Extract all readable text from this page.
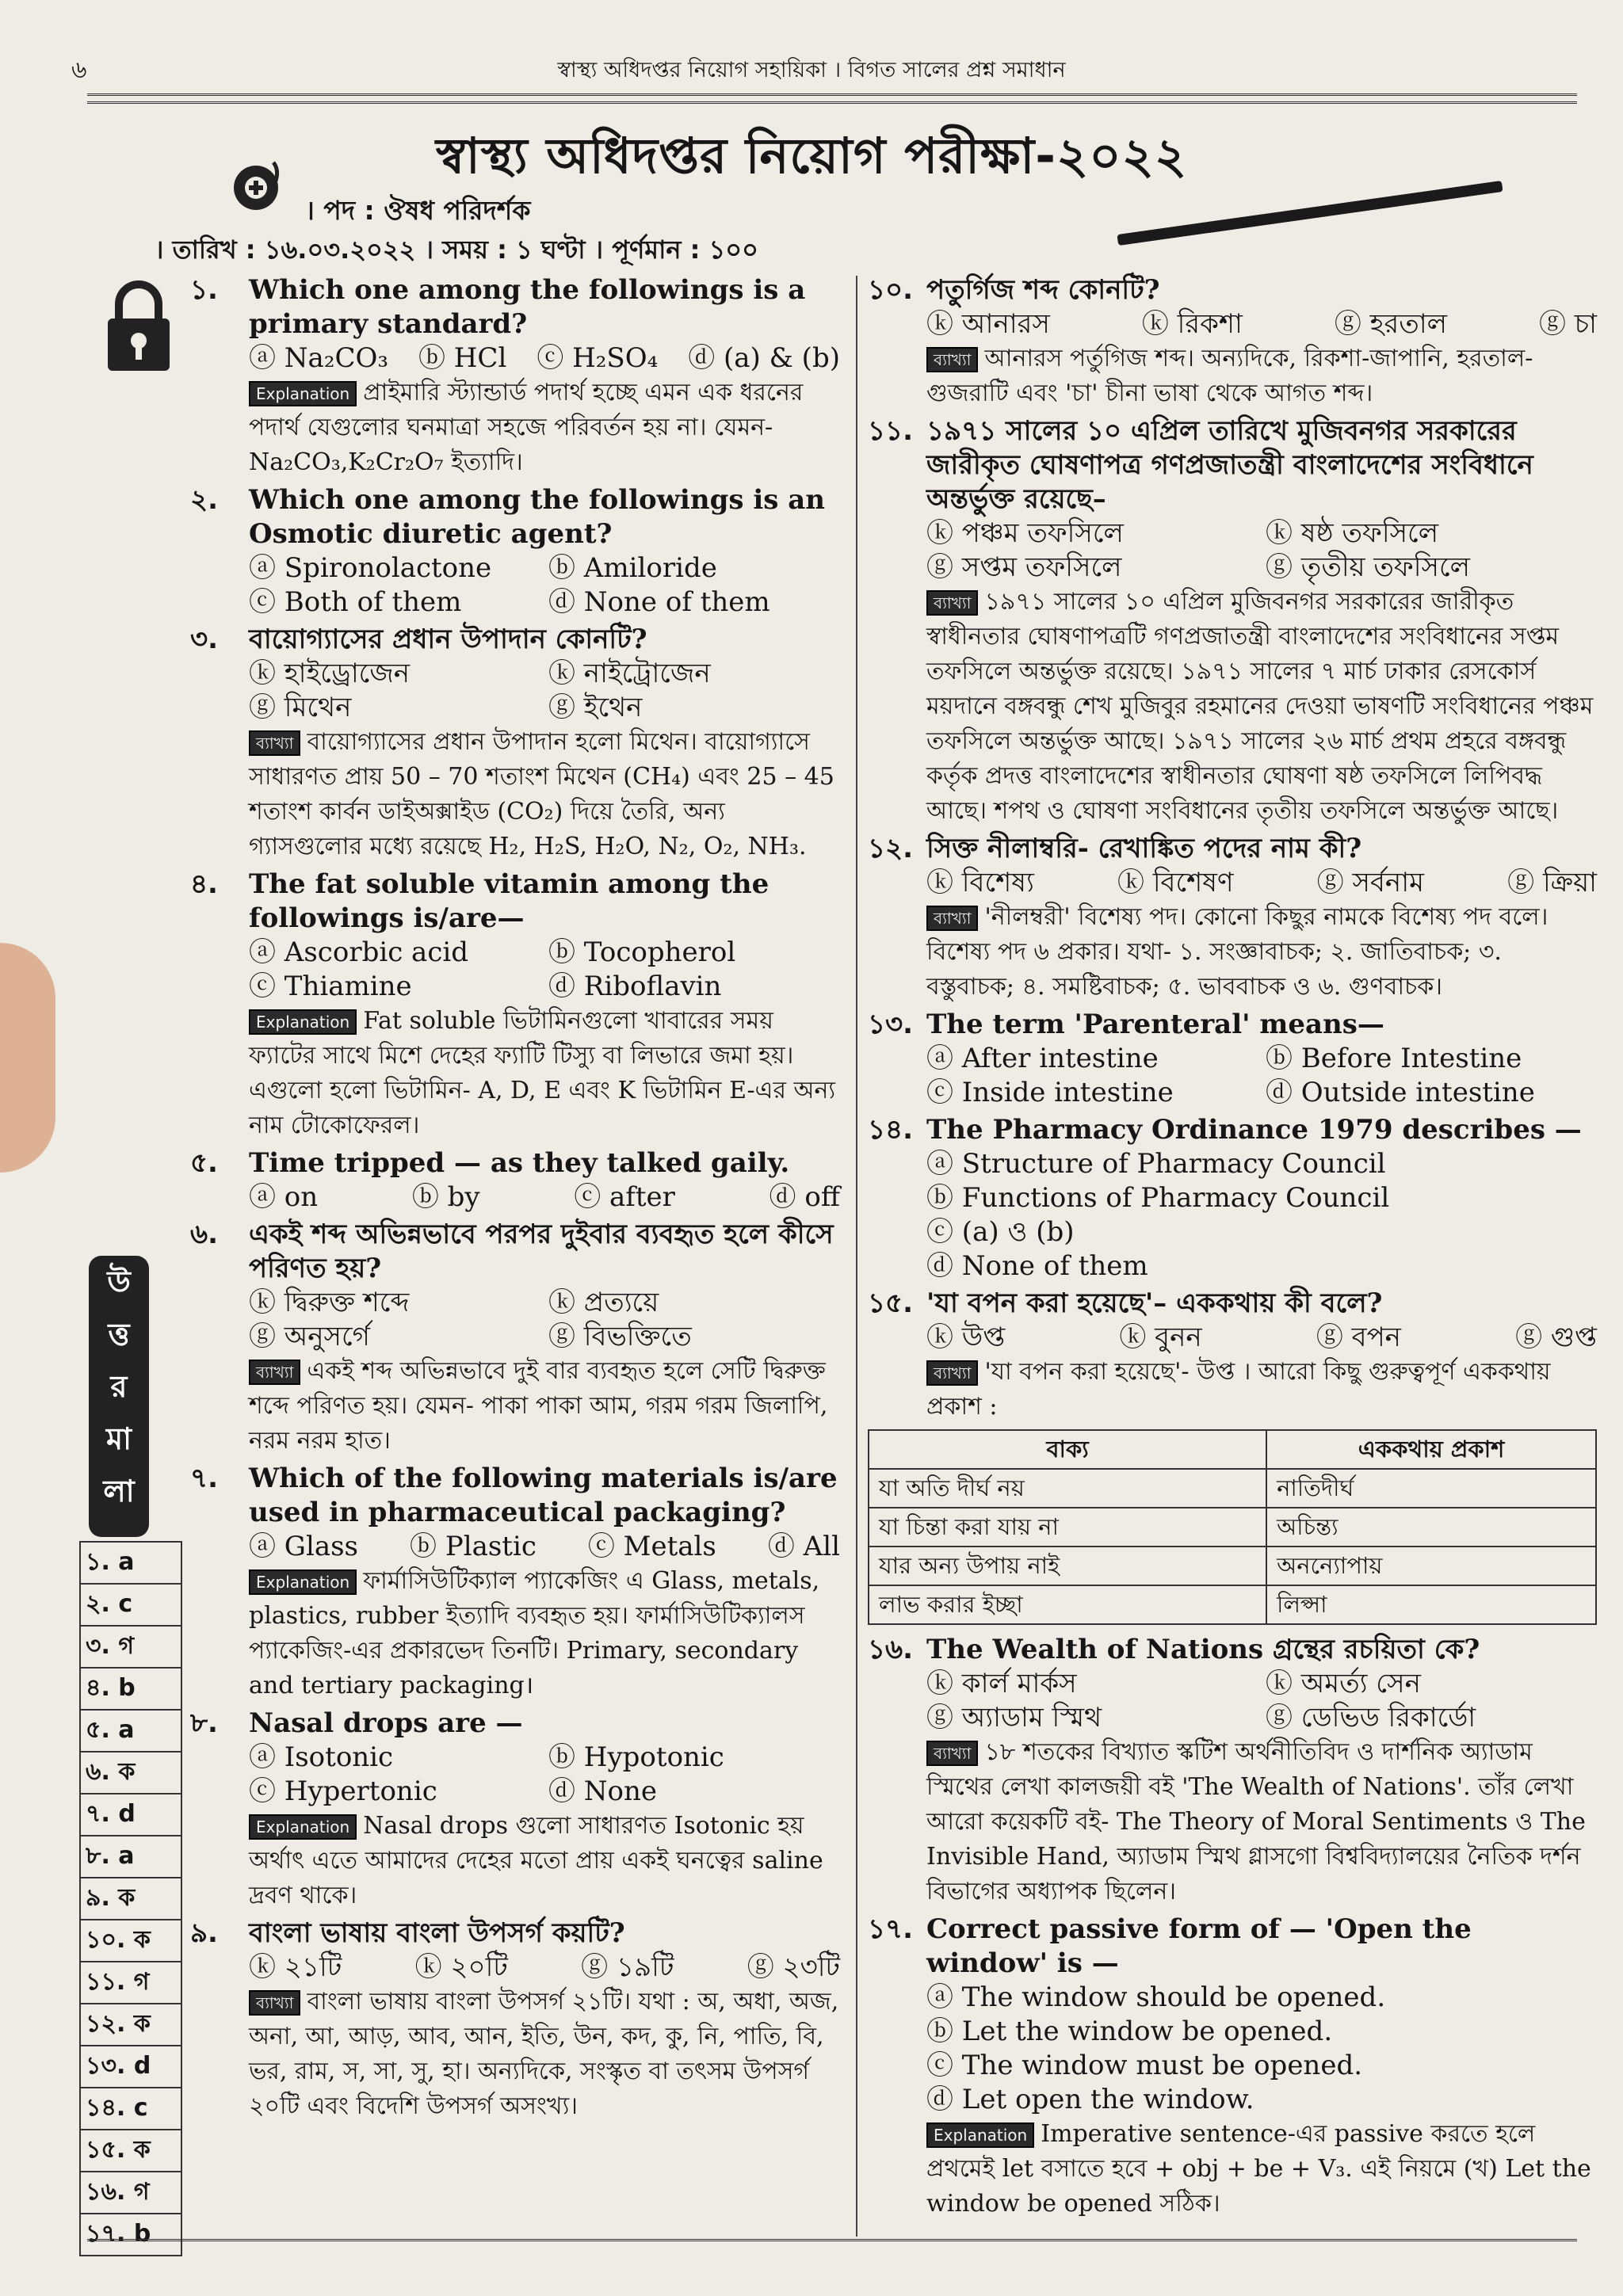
৬	স্বাস্থ্য অধিদপ্তর নিয়োগ সহায়িকা । বিগত সালের প্রশ্ন সমাধান
স্বাস্থ্য অধিদপ্তর নিয়োগ পরীক্ষা-২০২২
। পদ : ঔষধ পরিদর্শক
। তারিখ : ১৬.০৩.২০২২ । সময় : ১ ঘণ্টা । পূর্ণমান : ১০০
উ
ত্ত
র
মা
লা
১. a
২. c
৩. গ
৪. b
৫. a
৬. ক
৭. d
৮. a
৯. ক
১০. ক
১১. গ
১২. ক
১৩. d
১৪. c
১৫. ক
১৬. গ
১৭. b
১.	Which one among the followings is a primary standard?
ⓐ Na₂CO₃ ⓑ HCl ⓒ H₂SO₄ ⓓ (a) & (b)
Explanation প্রাইমারি স্ট্যান্ডার্ড পদার্থ হচ্ছে এমন এক ধরনের পদার্থ যেগুলোর ঘনমাত্রা সহজে পরিবর্তন হয় না। যেমন- Na₂CO₃,K₂Cr₂O₇ ইত্যাদি।
২.	Which one among the followings is an Osmotic diuretic agent?
ⓐ Spironolactone	ⓑ Amiloride
ⓒ Both of them	ⓓ None of them
৩.	বায়োগ্যাসের প্রধান উপাদান কোনটি?
ⓚ হাইড্রোজেন	ⓚ নাইট্রোজেন
ⓖ মিথেন	ⓖ ইথেন
ব্যাখ্যা বায়োগ্যাসের প্রধান উপাদান হলো মিথেন। বায়োগ্যাসে সাধারণত প্রায় 50 – 70 শতাংশ মিথেন (CH₄) এবং 25 – 45 শতাংশ কার্বন ডাইঅক্সাইড (CO₂) দিয়ে তৈরি, অন্য গ্যাসগুলোর মধ্যে রয়েছে H₂, H₂S, H₂O, N₂, O₂, NH₃.
৪.	The fat soluble vitamin among the followings is/are—
ⓐ Ascorbic acid	ⓑ Tocopherol
ⓒ Thiamine	ⓓ Riboflavin
Explanation Fat soluble ভিটামিনগুলো খাবারের সময় ফ্যাটের সাথে মিশে দেহের ফ্যাটি টিস্যু বা লিভারে জমা হয়। এগুলো হলো ভিটামিন- A, D, E এবং K ভিটামিন E-এর অন্য নাম টোকোফেরল।
৫.	Time tripped — as they talked gaily.
ⓐ on	ⓑ by	ⓒ after	ⓓ off
৬.	একই শব্দ অভিন্নভাবে পরপর দুইবার ব্যবহৃত হলে কীসে পরিণত হয়?
ⓚ দ্বিরুক্ত শব্দে	ⓚ প্রত্যয়ে
ⓖ অনুসর্গে	ⓖ বিভক্তিতে
ব্যাখ্যা একই শব্দ অভিন্নভাবে দুই বার ব্যবহৃত হলে সেটি দ্বিরুক্ত শব্দে পরিণত হয়। যেমন- পাকা পাকা আম, গরম গরম জিলাপি, নরম নরম হাত।
৭.	Which of the following materials is/are used in pharmaceutical packaging?
ⓐ Glass ⓑ Plastic ⓒ Metals ⓓ All
Explanation ফার্মাসিউটিক্যাল প্যাকেজিং এ Glass, metals, plastics, rubber ইত্যাদি ব্যবহৃত হয়। ফার্মাসিউটিক্যালস প্যাকেজিং-এর প্রকারভেদ তিনটি। Primary, secondary and tertiary packaging।
৮.	Nasal drops are —
ⓐ Isotonic	ⓑ Hypotonic
ⓒ Hypertonic	ⓓ None
Explanation Nasal drops গুলো সাধারণত Isotonic হয় অর্থাৎ এতে আমাদের দেহের মতো প্রায় একই ঘনত্বের saline দ্রবণ থাকে।
৯.	বাংলা ভাষায় বাংলা উপসর্গ কয়টি?
ⓚ ২১টি	ⓚ ২০টি	ⓖ ১৯টি	ⓖ ২৩টি
ব্যাখ্যা বাংলা ভাষায় বাংলা উপসর্গ ২১টি। যথা : অ, অধা, অজ, অনা, আ, আড়, আব, আন, ইতি, উন, কদ, কু, নি, পাতি, বি, ভর, রাম, স, সা, সু, হা। অন্যদিকে, সংস্কৃত বা তৎসম উপসর্গ ২০টি এবং বিদেশি উপসর্গ অসংখ্য।
১০. পতুর্গিজ শব্দ কোনটি?
ⓚ আনারস	ⓚ রিকশা	ⓖ হরতাল	ⓖ চা
ব্যাখ্যা আনারস পর্তুগিজ শব্দ। অন্যদিকে, রিকশা-জাপানি, হরতাল-গুজরাটি এবং 'চা' চীনা ভাষা থেকে আগত শব্দ।
১১. ১৯৭১ সালের ১০ এপ্রিল তারিখে মুজিবনগর সরকারের জারীকৃত ঘোষণাপত্র গণপ্রজাতন্ত্রী বাংলাদেশের সংবিধানে অন্তর্ভুক্ত রয়েছে–
ⓚ পঞ্চম তফসিলে	ⓚ ষষ্ঠ তফসিলে
ⓖ সপ্তম তফসিলে	ⓖ তৃতীয় তফসিলে
ব্যাখ্যা ১৯৭১ সালের ১০ এপ্রিল মুজিবনগর সরকারের জারীকৃত স্বাধীনতার ঘোষণাপত্রটি গণপ্রজাতন্ত্রী বাংলাদেশের সংবিধানের সপ্তম তফসিলে অন্তর্ভুক্ত রয়েছে। ১৯৭১ সালের ৭ মার্চ ঢাকার রেসকোর্স ময়দানে বঙ্গবন্ধু শেখ মুজিবুর রহমানের দেওয়া ভাষণটি সংবিধানের পঞ্চম তফসিলে অন্তর্ভুক্ত আছে। ১৯৭১ সালের ২৬ মার্চ প্রথম প্রহরে বঙ্গবন্ধু কর্তৃক প্রদত্ত বাংলাদেশের স্বাধীনতার ঘোষণা ষষ্ঠ তফসিলে লিপিবদ্ধ আছে। শপথ ও ঘোষণা সংবিধানের তৃতীয় তফসিলে অন্তর্ভুক্ত আছে।
১২. সিক্ত নীলাম্বরি- রেখাঙ্কিত পদের নাম কী?
ⓚ বিশেষ্য	ⓚ বিশেষণ	ⓖ সর্বনাম	ⓖ ক্রিয়া
ব্যাখ্যা 'নীলম্বরী' বিশেষ্য পদ। কোনো কিছুর নামকে বিশেষ্য পদ বলে। বিশেষ্য পদ ৬ প্রকার। যথা- ১. সংজ্ঞাবাচক; ২. জাতিবাচক; ৩. বস্তুবাচক; ৪. সমষ্টিবাচক; ৫. ভাববাচক ও ৬. গুণবাচক।
১৩. The term 'Parenteral' means—
ⓐ After intestine	ⓑ Before Intestine
ⓒ Inside intestine	ⓓ Outside intestine
১৪. The Pharmacy Ordinance 1979 describes —
ⓐ Structure of Pharmacy Council
ⓑ Functions of Pharmacy Council
ⓒ (a) ও (b)
ⓓ None of them
১৫. 'যা বপন করা হয়েছে'– এককথায় কী বলে?
ⓚ উপ্ত	ⓚ বুনন	ⓖ বপন	ⓖ গুপ্ত
ব্যাখ্যা 'যা বপন করা হয়েছে'- উপ্ত । আরো কিছু গুরুত্বপূর্ণ এককথায় প্রকাশ :
বাক্য	এককথায় প্রকাশ
যা অতি দীর্ঘ নয়	নাতিদীর্ঘ
যা চিন্তা করা যায় না	অচিন্ত্য
যার অন্য উপায় নাই	অনন্যোপায়
লাভ করার ইচ্ছা	লিপ্সা
১৬. The Wealth of Nations গ্রন্থের রচয়িতা কে?
ⓚ কার্ল মার্কস	ⓚ অমর্ত্য সেন
ⓖ অ্যাডাম স্মিথ	ⓖ ডেভিড রিকার্ডো
ব্যাখ্যা ১৮ শতকের বিখ্যাত স্কটিশ অর্থনীতিবিদ ও দার্শনিক অ্যাডাম স্মিথের লেখা কালজয়ী বই 'The Wealth of Nations'. তাঁর লেখা আরো কয়েকটি বই- The Theory of Moral Sentiments ও The Invisible Hand, অ্যাডাম স্মিথ গ্লাসগো বিশ্ববিদ্যালয়ের নৈতিক দর্শন বিভাগের অধ্যাপক ছিলেন।
১৭. Correct passive form of — 'Open the window' is —
ⓐ The window should be opened.
ⓑ Let the window be opened.
ⓒ The window must be opened.
ⓓ Let open the window.
Explanation Imperative sentence-এর passive করতে হলে প্রথমেই let বসাতে হবে + obj + be + V₃. এই নিয়মে (খ) Let the window be opened সঠিক।
